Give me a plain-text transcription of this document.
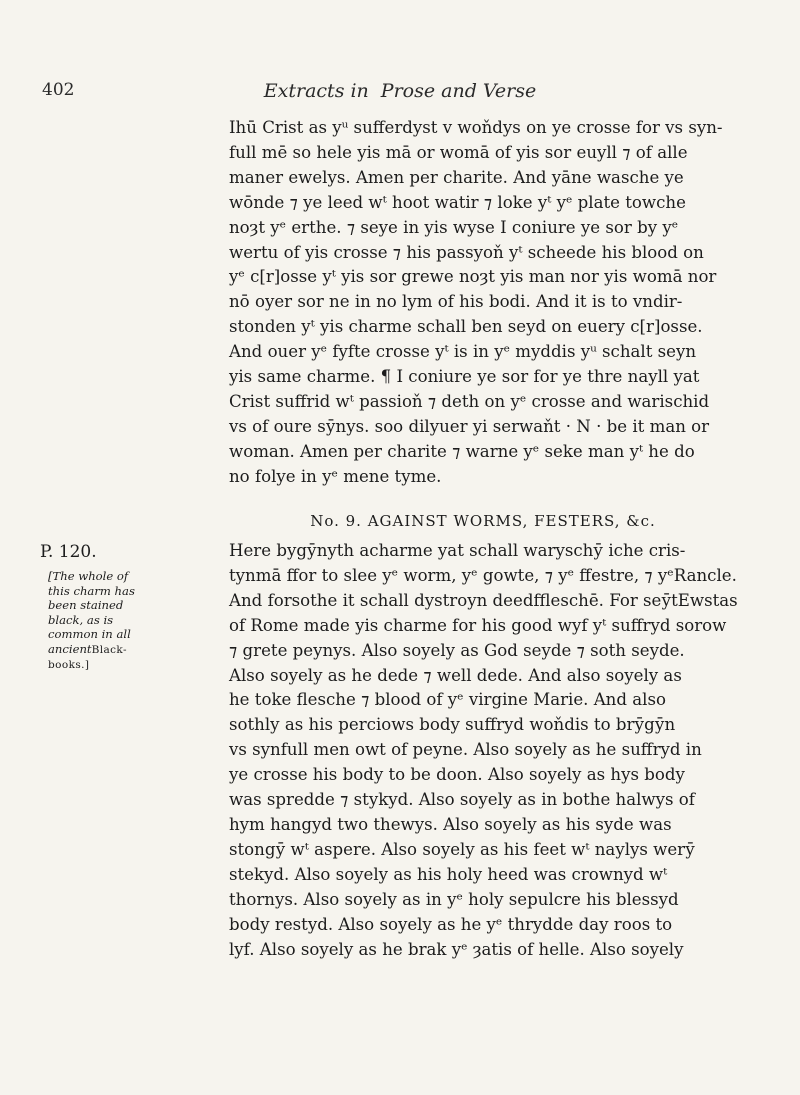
402	Extracts in Prose and Verse
Ihū Crist as yᵘ sufferdyst v woňdys on ye crosse for vs syn-
full mē so hele yis mā or womā of yis sor euyll ⁊ of alle
maner ewelys. Amen per charite. And yāne wasche ye
wōnde ⁊ ye leed wᵗ hoot watir ⁊ loke yᵗ yᵉ plate towche
noȝt yᵉ erthe. ⁊ seye in yis wyse I coniure ye sor by yᵉ
wertu of yis crosse ⁊ his passyoň yᵗ scheede his blood on
yᵉ c[r]osse yᵗ yis sor grewe noȝt yis man nor yis womā nor
nō oyer sor ne in no lym of his bodi. And it is to vndir-
stonden yᵗ yis charme schall ben seyd on euery c[r]osse.
And ouer yᵉ fyfte crosse yᵗ is in yᵉ myddis yᵘ schalt seyn
yis same charme. ¶ I coniure ye sor for ye thre nayll yat
Crist suffrid wᵗ passioň ⁊ deth on yᵉ crosse and warischid
vs of oure sӯnys. soo dilyuer yi serwaňt · N · be it man or
woman. Amen per charite ⁊ warne yᵉ seke man yᵗ he do
no folye in yᵉ mene tyme.
No. 9. AGAINST WORMS, FESTERS, &c.
P. 120.
[The whole of
this charm has
been stained
black, as is
common in all
ancientBlack-
books.]
Here bygӯnyth acharme yat schall waryschӯ iche cris-
tynmā ffor to slee yᵉ worm, yᵉ gowte, ⁊ yᵉ ffestre, ⁊ yᵉRancle.
And forsothe it schall dystroyn deedffleschē. For seӯtEwstas
of Rome made yis charme for his good wyf yᵗ suffryd sorow
⁊ grete peynys. Also soyely as God seyde ⁊ soth seyde.
Also soyely as he dede ⁊ well dede. And also soyely as
he toke flesche ⁊ blood of yᵉ virgine Marie. And also
sothly as his perciows body suffryd woňdis to brӯgӯn
vs synfull men owt of peyne. Also soyely as he suffryd in
ye crosse his body to be doon. Also soyely as hys body
was spredde ⁊ stykyd. Also soyely as in bothe halwys of
hym hangyd two thewys. Also soyely as his syde was
stongӯ wᵗ aspere. Also soyely as his feet wᵗ naylys werӯ
stekyd. Also soyely as his holy heed was crownyd wᵗ
thornys. Also soyely as in yᵉ holy sepulcre his blessyd
body restyd. Also soyely as he yᵉ thrydde day roos to
lyf. Also soyely as he brak yᵉ ȝatis of helle. Also soyely
